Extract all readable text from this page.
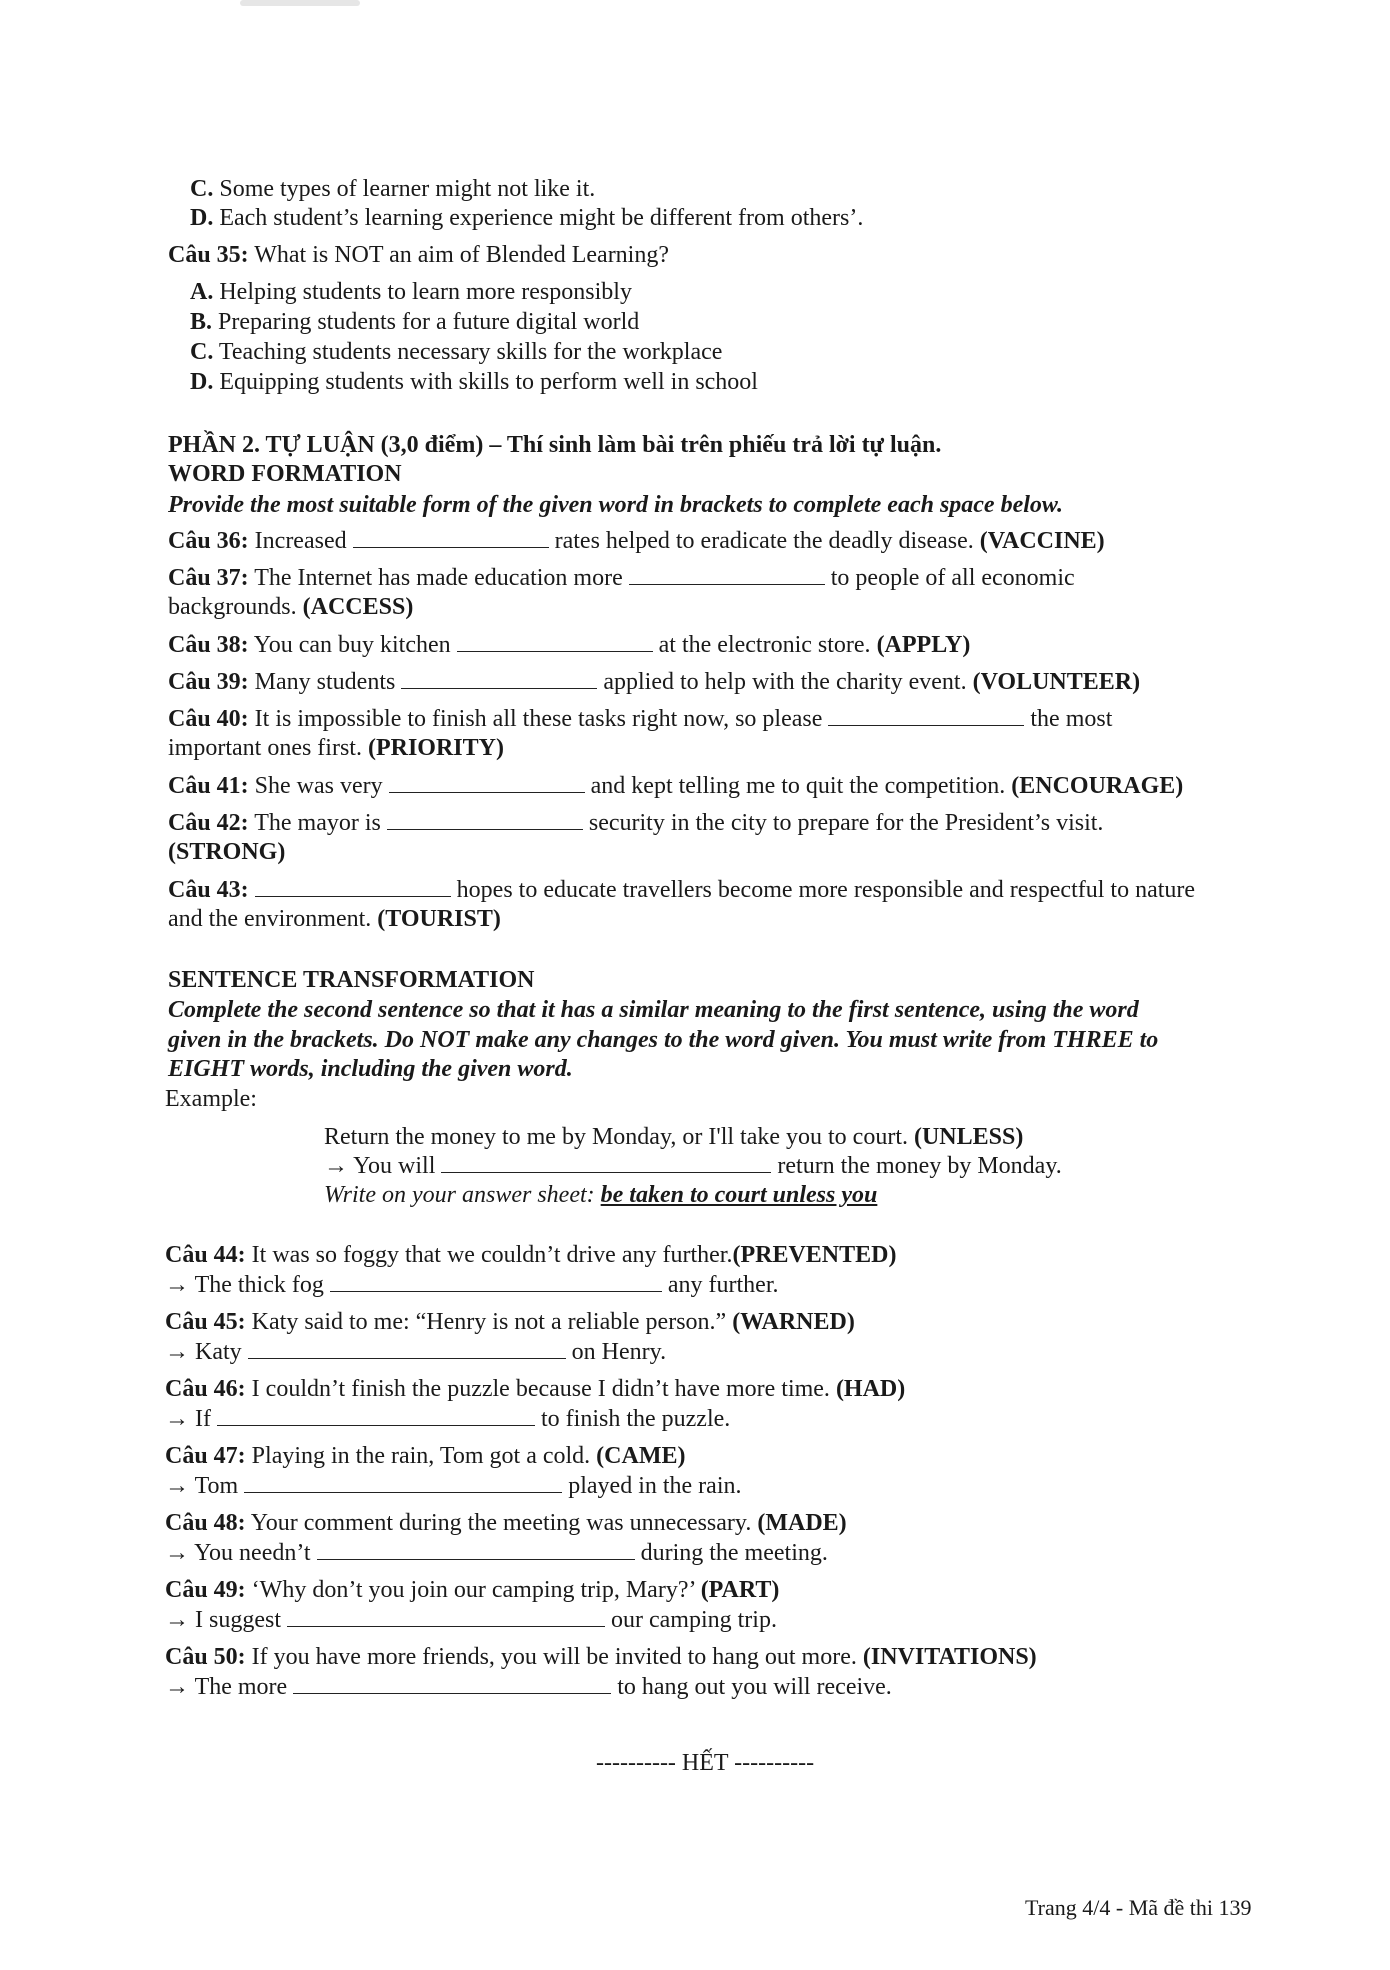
C. Some types of learner might not like it.
D. Each student’s learning experience might be different from others’.
Câu 35: What is NOT an aim of Blended Learning?
A. Helping students to learn more responsibly
B. Preparing students for a future digital world
C. Teaching students necessary skills for the workplace
D. Equipping students with skills to perform well in school
PHẦN 2. TỰ LUẬN (3,0 điểm) – Thí sinh làm bài trên phiếu trả lời tự luận.
WORD FORMATION
Provide the most suitable form of the given word in brackets to complete each space below.
Câu 36: Increased	rates helped to eradicate the deadly disease. (VACCINE)
Câu 37: The Internet has made education more	to people of all economic
backgrounds. (ACCESS)
Câu 38: You can buy kitchen	at the electronic store. (APPLY)
Câu 39: Many students	applied to help with the charity event. (VOLUNTEER)
Câu 40: It is impossible to finish all these tasks right now, so please	the most
important ones first. (PRIORITY)
Câu 41: She was very	and kept telling me to quit the competition. (ENCOURAGE)
Câu 42: The mayor is	security in the city to prepare for the President’s visit.
(STRONG)
Câu 43:	hopes to educate travellers become more responsible and respectful to nature
and the environment. (TOURIST)
SENTENCE TRANSFORMATION
Complete the second sentence so that it has a similar meaning to the first sentence, using the word
given in the brackets. Do NOT make any changes to the word given. You must write from THREE to
EIGHT words, including the given word.
Example:
Return the money to me by Monday, or I'll take you to court. (UNLESS)
→ You will	return the money by Monday.
Write on your answer sheet: be taken to court unless you
Câu 44: It was so foggy that we couldn’t drive any further.(PREVENTED)
→ The thick fog	any further.
Câu 45: Katy said to me: “Henry is not a reliable person.” (WARNED)
→ Katy	on Henry.
Câu 46: I couldn’t finish the puzzle because I didn’t have more time. (HAD)
→ If	to finish the puzzle.
Câu 47: Playing in the rain, Tom got a cold. (CAME)
→ Tom	played in the rain.
Câu 48: Your comment during the meeting was unnecessary. (MADE)
→ You needn’t	during the meeting.
Câu 49: ‘Why don’t you join our camping trip, Mary?’ (PART)
→ I suggest	our camping trip.
Câu 50: If you have more friends, you will be invited to hang out more. (INVITATIONS)
→ The more	to hang out you will receive.
---------- HẾT ----------
Trang 4/4 - Mã đề thi 139
